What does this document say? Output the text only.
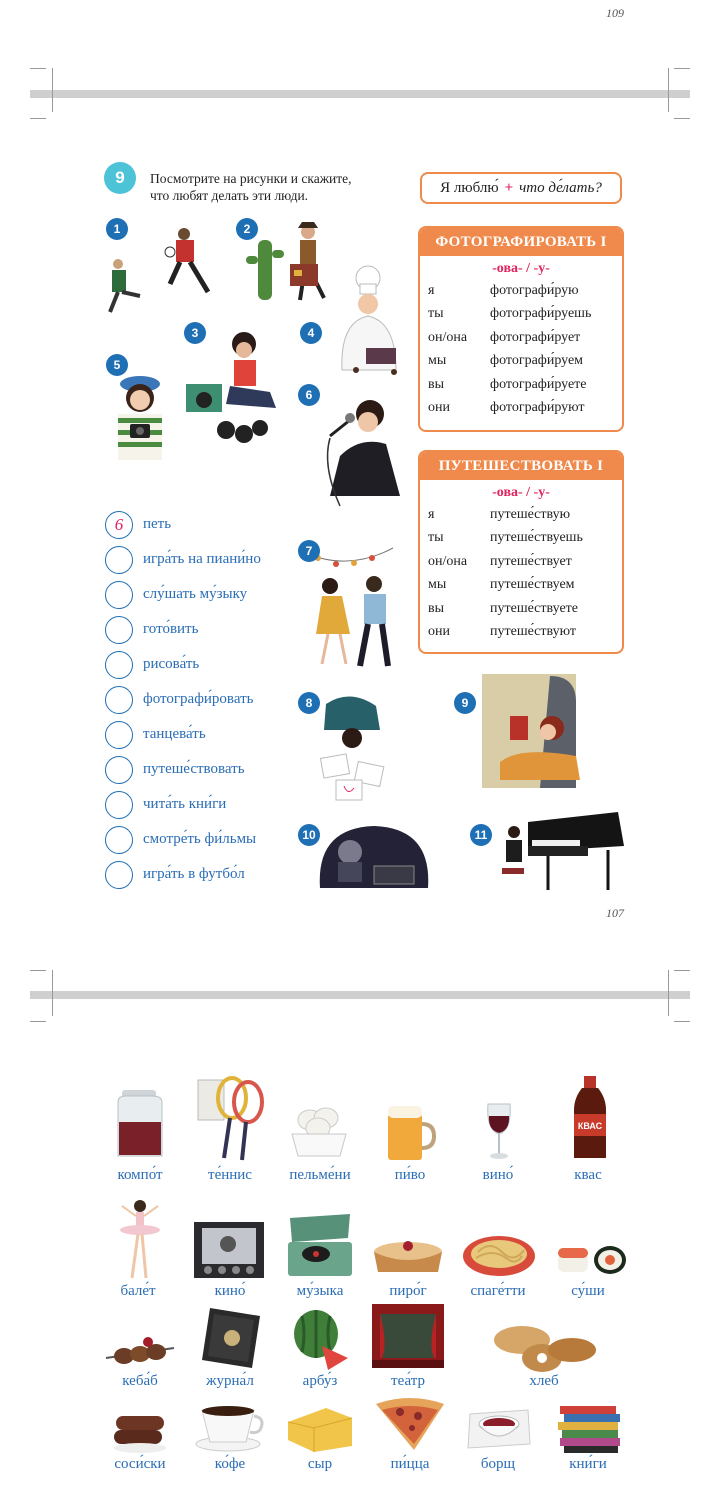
109
9	Посмотрите на рисунки и скажите,
что любят делать эти люди.	Я люблю́ + что де́лать?
ФОТОГРАФИРОВАТЬ I
-ова- / -у-
я	фотографи́рую
ты	фотографи́руешь
он/она	фотографи́рует
мы	фотографи́руем
вы	фотографи́руете
они	фотографи́руют
ПУТЕШЕСТВОВАТЬ I
-ова- / -у-
я	путеше́ствую
ты	путеше́ствуешь
он/она	путеше́ствует
мы	путеше́ствуем
вы	путеше́ствуете
они	путеше́ствуют
1	2
3	4
5
6
7
8	9
10	11
6	петь
игра́ть на пиани́но
слу́шать му́зыку
гото́вить
рисова́ть
фотографи́ровать
танцева́ть
путеше́ствовать
чита́ть кни́ги
смотре́ть фи́льмы
игра́ть в футбо́л
107
КВАС
компо́т	те́ннис	пельме́ни	пи́во	вино́	квас
бале́т	кино́	му́зыка	пиро́г	спаге́тти	су́ши
кеба́б	журна́л	арбу́з	теа́тр	хлеб
соси́ски	ко́фе	сыр	пи́цца	борщ	кни́ги
